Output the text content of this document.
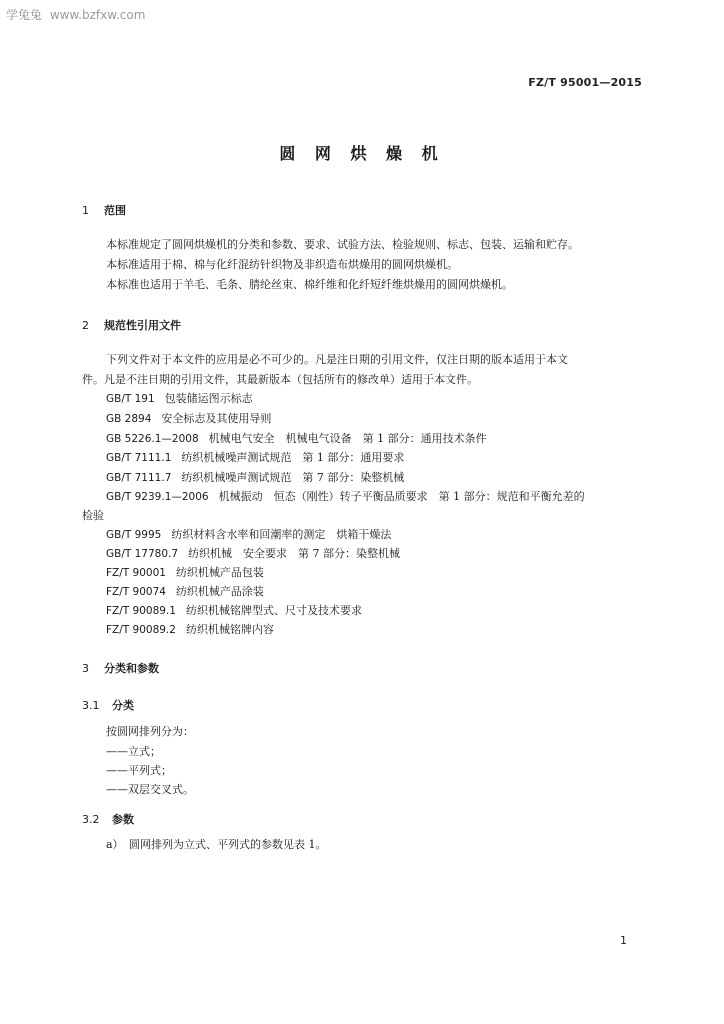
学兔兔 www.bzfxw.com
FZ/T 95001—2015
圆 网 烘 燥 机
1 范围
本标准规定了圆网烘燥机的分类和参数、要求、试验方法、检验规则、标志、包装、运输和贮存。
本标准适用于棉、棉与化纤混纺针织物及非织造布烘燥用的圆网烘燥机。
本标准也适用于羊毛、毛条、腈纶丝束、棉纤维和化纤短纤维烘燥用的圆网烘燥机。
2 规范性引用文件
下列文件对于本文件的应用是必不可少的。凡是注日期的引用文件，仅注日期的版本适用于本文
件。凡是不注日期的引用文件，其最新版本（包括所有的修改单）适用于本文件。
GB/T 191 包装储运图示标志
GB 2894 安全标志及其使用导则
GB 5226.1—2008 机械电气安全　机械电气设备　第 1 部分：通用技术条件
GB/T 7111.1 纺织机械噪声测试规范　第 1 部分：通用要求
GB/T 7111.7 纺织机械噪声测试规范　第 7 部分：染整机械
GB/T 9239.1—2006 机械振动　恒态（刚性）转子平衡品质要求　第 1 部分：规范和平衡允差的
检验
GB/T 9995 纺织材料含水率和回潮率的测定　烘箱干燥法
GB/T 17780.7 纺织机械　安全要求　第 7 部分：染整机械
FZ/T 90001 纺织机械产品包装
FZ/T 90074 纺织机械产品涂装
FZ/T 90089.1 纺织机械铭牌型式、尺寸及技术要求
FZ/T 90089.2 纺织机械铭牌内容
3 分类和参数
3.1 分类
按圆网排列分为：
——立式；
——平列式；
——双层交叉式。
3.2 参数
a）　圆网排列为立式、平列式的参数见表 1。
1
